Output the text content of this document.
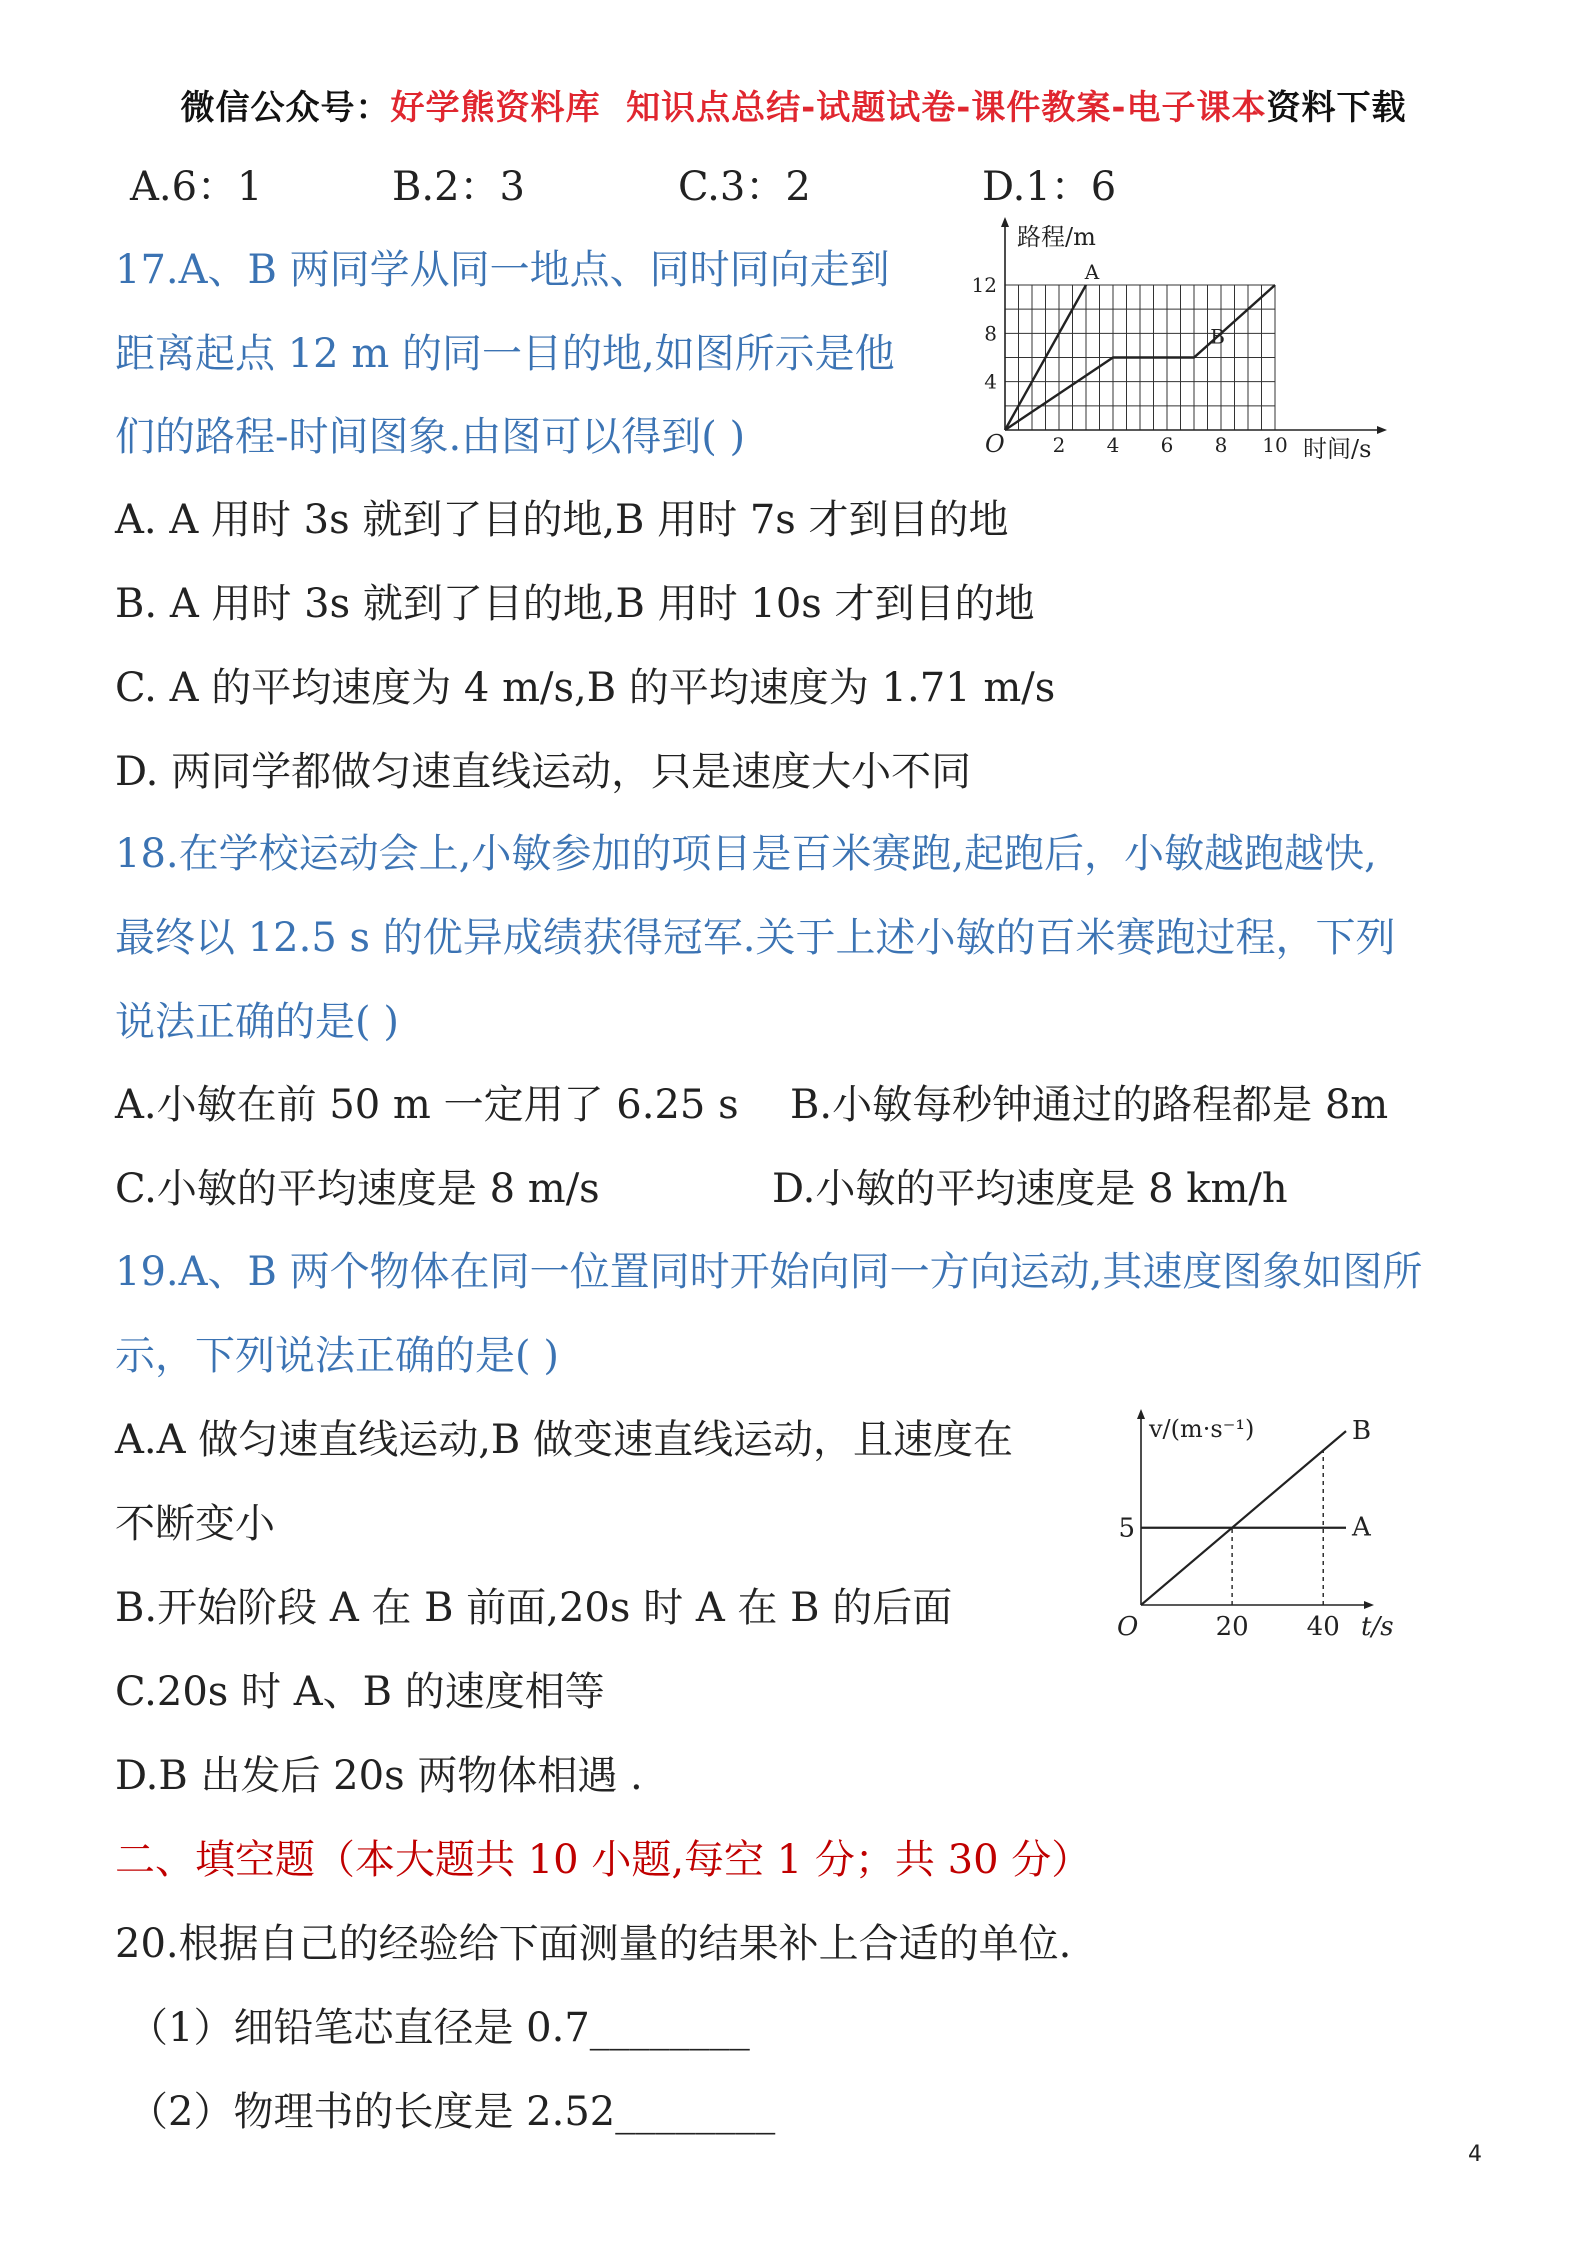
微信公众号：好学熊资料库 知识点总结-试题试卷-课件教案-电子课本资料下载
A.6：1	B.2：3	C.3：2	D.1：6
17.A、B 两同学从同一地点、同时同向走到
距离起点 12 m 的同一目的地,如图所示是他
们的路程-时间图象.由图可以得到( )
路程/m
时间/s
O 2 4 6 8 10
4
8
12
A
B
A. A 用时 3s 就到了目的地,B 用时 7s 才到目的地
B. A 用时 3s 就到了目的地,B 用时 10s 才到目的地
C. A 的平均速度为 4 m/s,B 的平均速度为 1.71 m/s
D. 两同学都做匀速直线运动，只是速度大小不同
18.在学校运动会上,小敏参加的项目是百米赛跑,起跑后，小敏越跑越快,
最终以 12.5 s 的优异成绩获得冠军.关于上述小敏的百米赛跑过程，下列
说法正确的是( )
A.小敏在前 50 m 一定用了 6.25 s B.小敏每秒钟通过的路程都是 8m
C.小敏的平均速度是 8 m/s	D.小敏的平均速度是 8 km/h
19.A、B 两个物体在同一位置同时开始向同一方向运动,其速度图象如图所
示，下列说法正确的是( )
A.A 做匀速直线运动,B 做变速直线运动，且速度在
不断变小
B.开始阶段 A 在 B 前面,20s 时 A 在 B 的后面
C.20s 时 A、B 的速度相等
D.B 出发后 20s 两物体相遇 .
v/(m·s⁻¹)
t/s
O	20 40
5	A
B
二、填空题（本大题共 10 小题,每空 1 分；共 30 分）
20.根据自己的经验给下面测量的结果补上合适的单位.
（1）细铅笔芯直径是 0.7________
（2）物理书的长度是 2.52________
4
